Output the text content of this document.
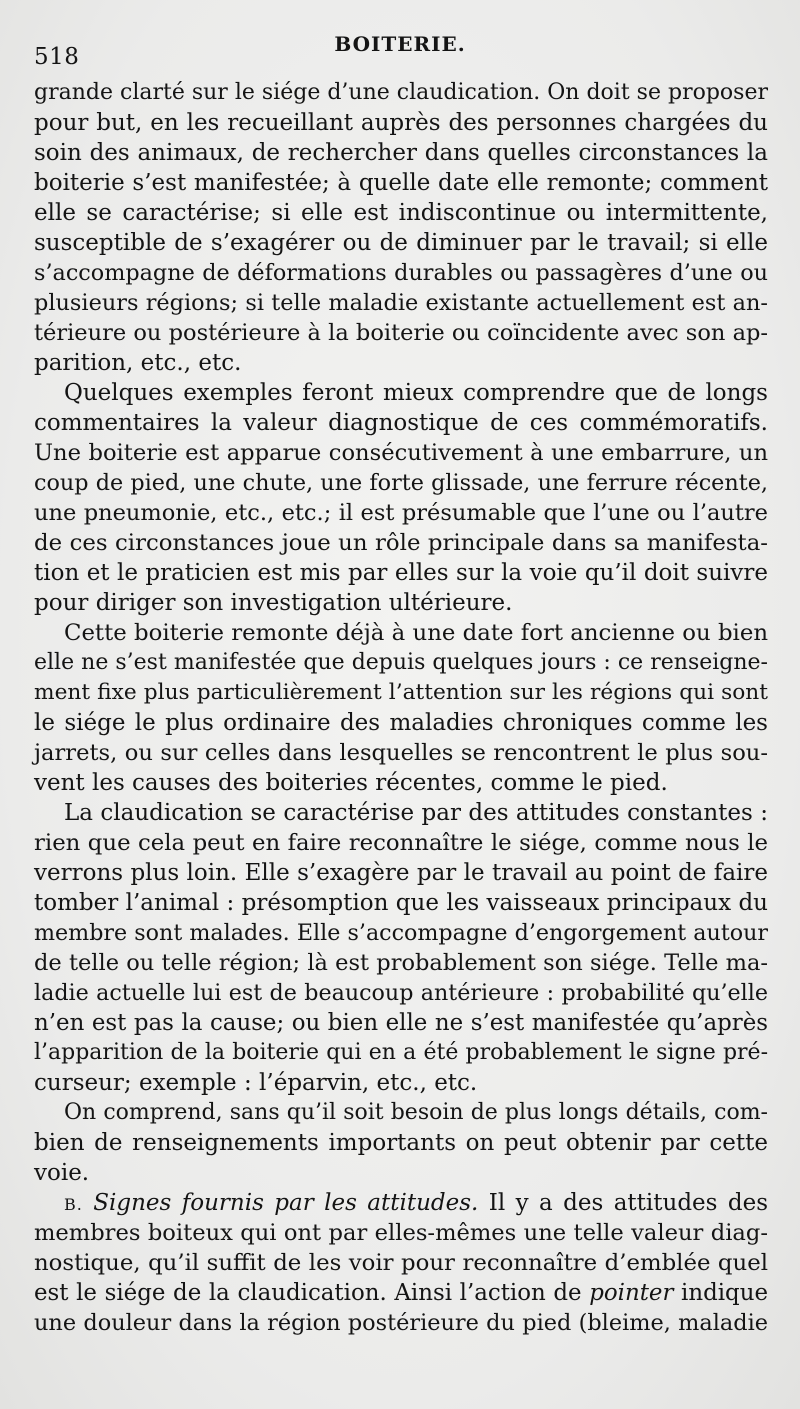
518	BOITERIE.
grande clarté sur le siége d’une claudication. On doit se proposer
pour but, en les recueillant auprès des personnes chargées du
soin des animaux, de rechercher dans quelles circonstances la
boiterie s’est manifestée; à quelle date elle remonte; comment
elle se caractérise; si elle est indiscontinue ou intermittente,
susceptible de s’exagérer ou de diminuer par le travail; si elle
s’accompagne de déformations durables ou passagères d’une ou
plusieurs régions; si telle maladie existante actuellement est an-
térieure ou postérieure à la boiterie ou coïncidente avec son ap-
parition, etc., etc.
Quelques exemples feront mieux comprendre que de longs
commentaires la valeur diagnostique de ces commémoratifs.
Une boiterie est apparue consécutivement à une embarrure, un
coup de pied, une chute, une forte glissade, une ferrure récente,
une pneumonie, etc., etc.; il est présumable que l’une ou l’autre
de ces circonstances joue un rôle principale dans sa manifesta-
tion et le praticien est mis par elles sur la voie qu’il doit suivre
pour diriger son investigation ultérieure.
Cette boiterie remonte déjà à une date fort ancienne ou bien
elle ne s’est manifestée que depuis quelques jours : ce renseigne-
ment fixe plus particulièrement l’attention sur les régions qui sont
le siége le plus ordinaire des maladies chroniques comme les
jarrets, ou sur celles dans lesquelles se rencontrent le plus sou-
vent les causes des boiteries récentes, comme le pied.
La claudication se caractérise par des attitudes constantes :
rien que cela peut en faire reconnaître le siége, comme nous le
verrons plus loin. Elle s’exagère par le travail au point de faire
tomber l’animal : présomption que les vaisseaux principaux du
membre sont malades. Elle s’accompagne d’engorgement autour
de telle ou telle région; là est probablement son siége. Telle ma-
ladie actuelle lui est de beaucoup antérieure : probabilité qu’elle
n’en est pas la cause; ou bien elle ne s’est manifestée qu’après
l’apparition de la boiterie qui en a été probablement le signe pré-
curseur; exemple : l’éparvin, etc., etc.
On comprend, sans qu’il soit besoin de plus longs détails, com-
bien de renseignements importants on peut obtenir par cette
voie.
B. Signes fournis par les attitudes. Il y a des attitudes des
membres boiteux qui ont par elles-mêmes une telle valeur diag-
nostique, qu’il suffit de les voir pour reconnaître d’emblée quel
est le siége de la claudication. Ainsi l’action de pointer indique
une douleur dans la région postérieure du pied (bleime, maladie
